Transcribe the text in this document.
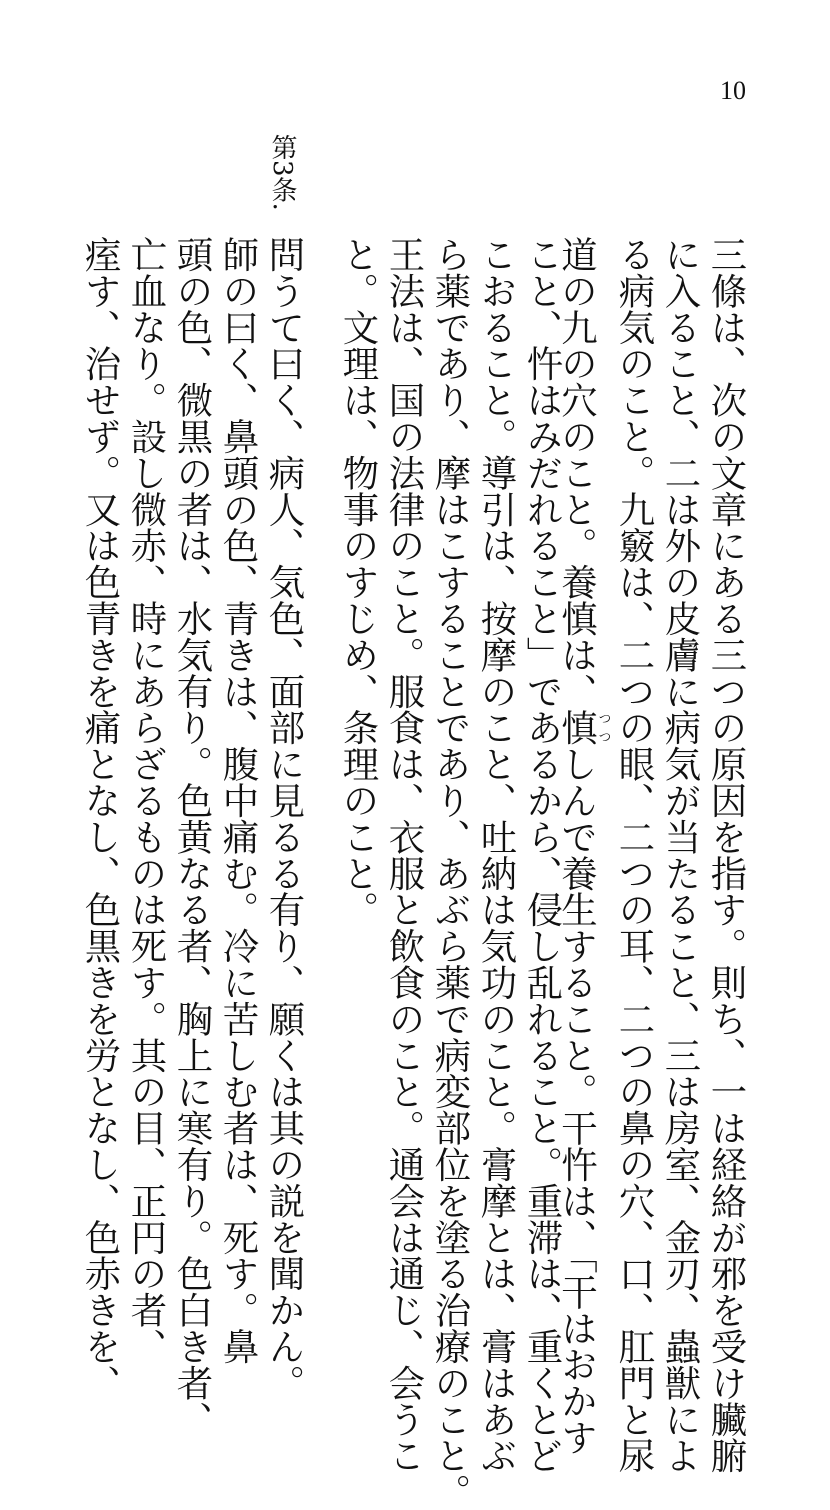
10
三條は、次の文章にある三つの原因を指す。則ち、一は経絡が邪を受け臟腑
に入ること、二は外の皮膚に病気が当たること、三は房室、金刃、蟲獣によ
る病気のこと。九竅は、二つの眼、二つの耳、二つの鼻の穴、口、肛門と尿
道の九の穴のこと。養慎は、慎つつしんで養生すること。干忤は、「干はおかす
こと、忤はみだれること」であるから、侵し乱れること。重滞は、重くとど
こおること。導引は、按摩のこと、吐納は気功のこと。膏摩とは、膏はあぶ
ら薬であり、摩はこすることであり、あぶら薬で病変部位を塗る治療のこと。
王法は、国の法律のこと。服食は、衣服と飲食のこと。通会は通じ、会うこ
と。文理は、物事のすじめ、条理のこと。
第3条.
問うて曰く、病人、気色、面部に見るる有り、願くは其の説を聞かん。
師の曰く、鼻頭の色、青きは、腹中痛む。冷に苦しむ者は、死す。鼻
頭の色、微黒の者は、水気有り。色黄なる者、胸上に寒有り。色白き者、
亡血なり。設し微赤、時にあらざるものは死す。其の目、正円の者、
痓す、治せず。又は色青きを痛となし、色黒きを労となし、色赤きを、
